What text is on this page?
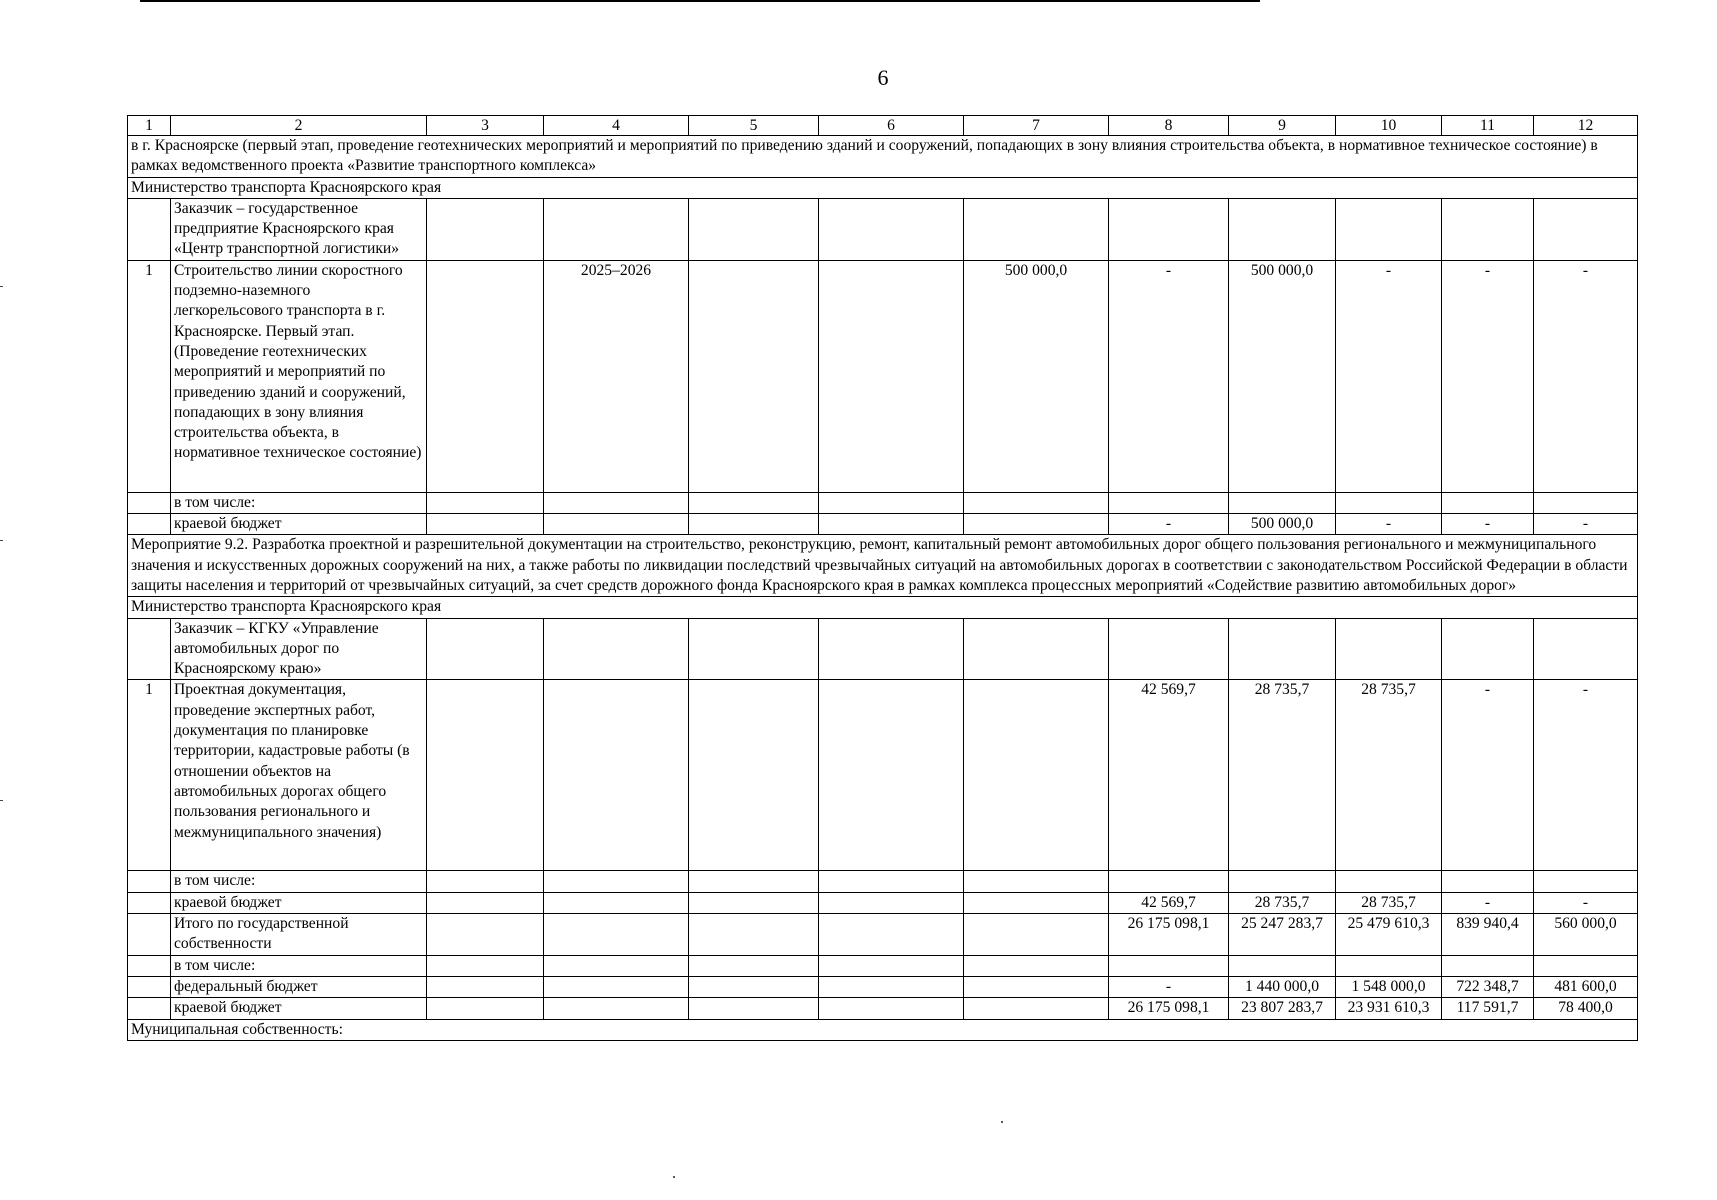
6
1	2	3	4	5	6	7	8	9	10	11	12
в г. Красноярске (первый этап, проведение геотехнических мероприятий и мероприятий по приведению зданий и сооружений, попадающих в зону влияния строительства объекта, в нормативное техническое состояние) в рамках ведомственного проекта «Развитие транспортного комплекса»											
Министерство транспорта Красноярского края											
	Заказчик – государственное предприятие Красноярского края «Центр транспортной логистики»										
1	Строительство линии скоростного подземно-наземного легкорельсового транспорта в г. Красноярске. Первый этап. (Проведение геотехнических мероприятий и мероприятий по приведению зданий и сооружений, попадающих в зону влияния строительства объекта, в нормативное техническое состояние)		2025–2026			500 000,0	-	500 000,0	-	-	-
	в том числе:										
	краевой бюджет						-	500 000,0	-	-	-
Мероприятие 9.2. Разработка проектной и разрешительной документации на строительство, реконструкцию, ремонт, капитальный ремонт автомобильных дорог общего пользования регионального и межмуниципального значения и искусственных дорожных сооружений на них, а также работы по ликвидации последствий чрезвычайных ситуаций на автомобильных дорогах в соответствии с законодательством Российской Федерации в области защиты населения и территорий от чрезвычайных ситуаций, за счет средств дорожного фонда Красноярского края в рамках комплекса процессных мероприятий «Содействие развитию автомобильных дорог»											
Министерство транспорта Красноярского края											
	Заказчик – КГКУ «Управление автомобильных дорог по Красноярскому краю»										
1	Проектная документация, проведение экспертных работ, документация по планировке территории, кадастровые работы (в отношении объектов на автомобильных дорогах общего пользования регионального и межмуниципального значения)						42 569,7	28 735,7	28 735,7	-	-
	в том числе:										
	краевой бюджет						42 569,7	28 735,7	28 735,7	-	-
	Итого по государственной собственности						26 175 098,1	25 247 283,7	25 479 610,3	839 940,4	560 000,0
	в том числе:										
	федеральный бюджет						-	1 440 000,0	1 548 000,0	722 348,7	481 600,0
	краевой бюджет						26 175 098,1	23 807 283,7	23 931 610,3	117 591,7	78 400,0
Муниципальная собственность:											
